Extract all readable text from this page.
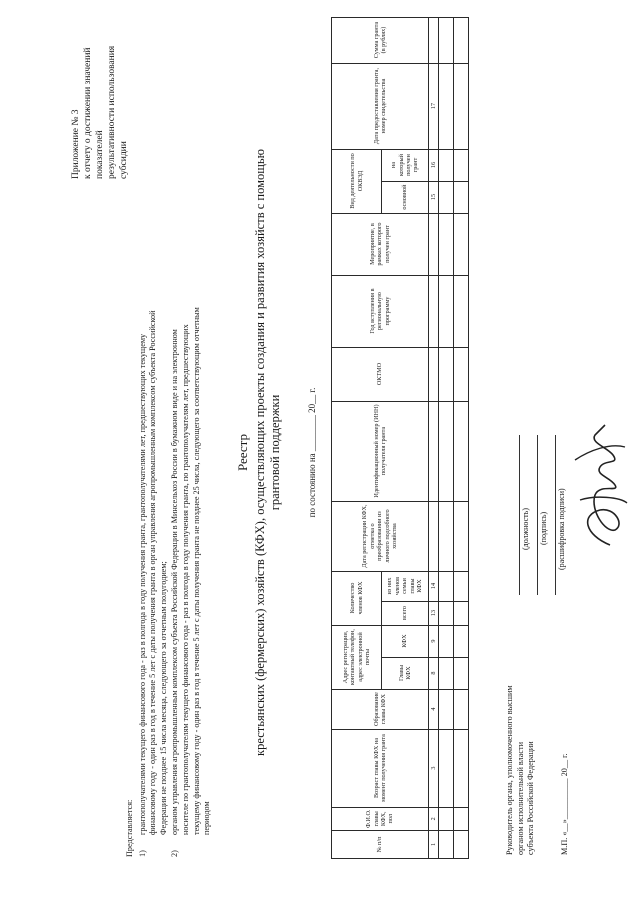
Приложение № 3 к отчету о достижении значений показателей результативности использования субсидии
Представляется: 1)
грантополучателями текущего финансового года - раз в полгода в году получения гранта, грантополучателями лет, предшествующих текущему финансовому году - один раз в год в течение 5 лет с даты получения гранта в орган управления агропромышленным комплексом субъекта Российской Федерации не позднее 15 числа месяца, следующего за отчетным полугодием;
2)
органом управления агропромышленным комплексом субъекта Российской Федерации в Минсельхоз России в бумажном виде и на электронном носителе по грантополучателям текущего финансового года - раз в полгода в году получения гранта, по грантополучателям лет, предшествующих текущему финансовому году - один раз в год в течение 5 лет с даты получения гранта не позднее 25 числа, следующего за соответствующим отчетным периодом
Реестр крестьянских (фермерских) хозяйств (КФХ), осуществляющих проекты создания и развития хозяйств с помощью грантовой поддержки	по состоянию на ________ 20__ г.
№ п/п	Ф.И.О. главы КФХ, пол	Возраст главы КФХ на момент получения гранта	Образование главы КФХ	Адрес регистрации, контактный телефон, адрес электронной почты		Количество членов КФХ		Дата регистрации КФХ, отметка о преобразовании из личного подсобного хозяйства	Идентификационный номер (ИНН) получателя гранта	ОКТМО	Год вступления в региональную программу	Мероприятие, в рамках которого получен грант	Вид деятельности по ОКВЭД		Дата предоставления гранта, номер свидетельства	Сумма гранта (в рублях)
				Главы КФХ	КФХ	всего	из них членов семьи главы КФХ						основной	на который получен грант		
1	2	3	4	8	9	13	14						15	16	17	

Руководитель органа, уполномоченного высшим органом исполнительной власти субъекта Российской Федерации
(должность) (подпись) (расшифровка подписи)
М.П. «__»__________ 20__ г.
